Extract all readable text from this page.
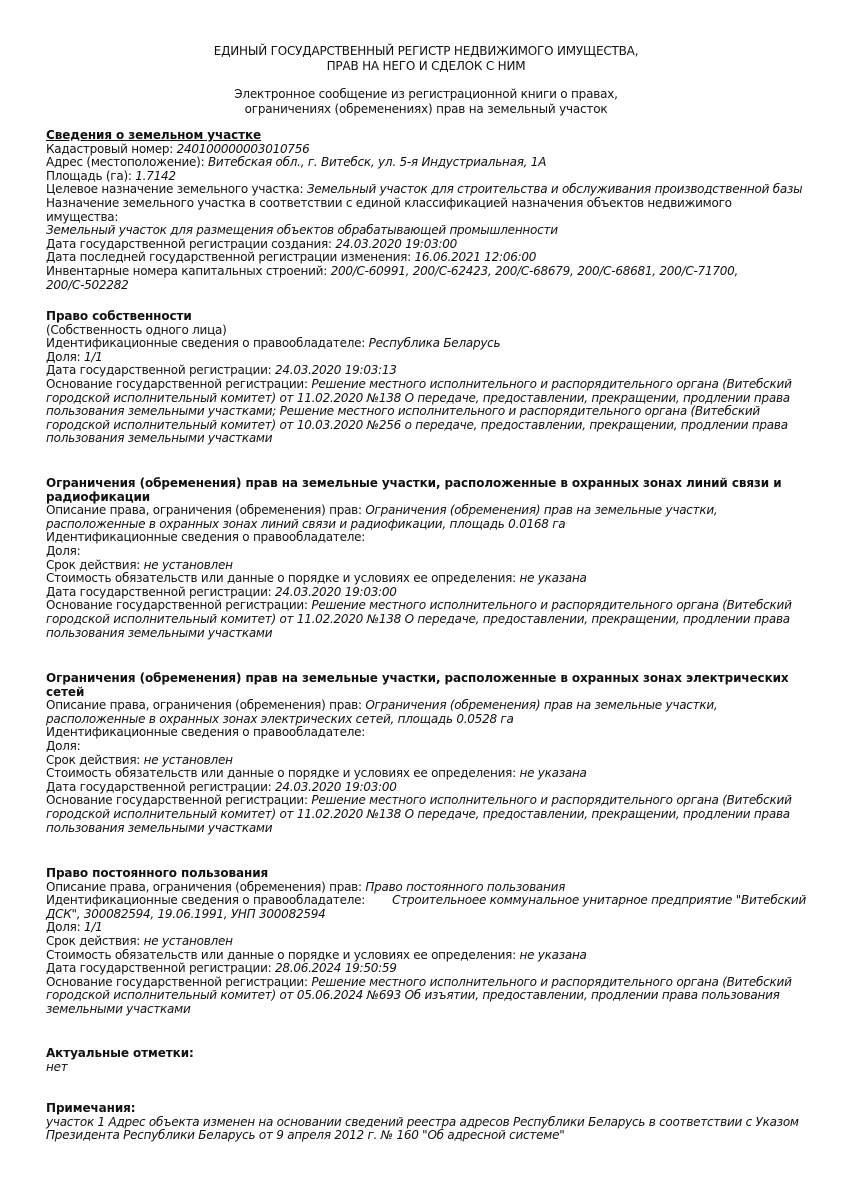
ЕДИНЫЙ ГОСУДАРСТВЕННЫЙ РЕГИСТР НЕДВИЖИМОГО ИМУЩЕСТВА,
ПРАВ НА НЕГО И СДЕЛОК С НИМ
Электронное сообщение из регистрационной книги о правах,
ограничениях (обременениях) прав на земельный участок
Сведения о земельном участке
Кадастровый номер: 240100000003010756
Адрес (местоположение): Витебская обл., г. Витебск, ул. 5-я Индустриальная, 1А
Площадь (га): 1.7142
Целевое назначение земельного участка: Земельный участок для строительства и обслуживания производственной базы
Назначение земельного участка в соответствии с единой классификацией назначения объектов недвижимого имущества:
Земельный участок для размещения объектов обрабатывающей промышленности
Дата государственной регистрации создания: 24.03.2020 19:03:00
Дата последней государственной регистрации изменения: 16.06.2021 12:06:00
Инвентарные номера капитальных строений: 200/С-60991, 200/С-62423, 200/С-68679, 200/С-68681, 200/С-71700,
200/С-502282
Право собственности
(Собственность одного лица)
Идентификационные сведения о правообладателе: Республика Беларусь
Доля: 1/1
Дата государственной регистрации: 24.03.2020 19:03:13
Основание государственной регистрации: Решение местного исполнительного и распорядительного органа (Витебский
городской исполнительный комитет) от 11.02.2020 №138 О передаче, предоставлении, прекращении, продлении права
пользования земельными участками; Решение местного исполнительного и распорядительного органа (Витебский
городской исполнительный комитет) от 10.03.2020 №256 о передаче, предоставлении, прекращении, продлении права
пользования земельными участками
Ограничения (обременения) прав на земельные участки, расположенные в охранных зонах линий связи и
радиофикации
Описание права, ограничения (обременения) прав: Ограничения (обременения) прав на земельные участки,
расположенные в охранных зонах линий связи и радиофикации, площадь 0.0168 га
Идентификационные сведения о правообладателе:
Доля:
Срок действия: не установлен
Стоимость обязательств или данные о порядке и условиях ее определения: не указана
Дата государственной регистрации: 24.03.2020 19:03:00
Основание государственной регистрации: Решение местного исполнительного и распорядительного органа (Витебский
городской исполнительный комитет) от 11.02.2020 №138 О передаче, предоставлении, прекращении, продлении права
пользования земельными участками
Ограничения (обременения) прав на земельные участки, расположенные в охранных зонах электрических
сетей
Описание права, ограничения (обременения) прав: Ограничения (обременения) прав на земельные участки,
расположенные в охранных зонах электрических сетей, площадь 0.0528 га
Идентификационные сведения о правообладателе:
Доля:
Срок действия: не установлен
Стоимость обязательств или данные о порядке и условиях ее определения: не указана
Дата государственной регистрации: 24.03.2020 19:03:00
Основание государственной регистрации: Решение местного исполнительного и распорядительного органа (Витебский
городской исполнительный комитет) от 11.02.2020 №138 О передаче, предоставлении, прекращении, продлении права
пользования земельными участками
Право постоянного пользования
Описание права, ограничения (обременения) прав: Право постоянного пользования
Идентификационные сведения о правообладателе: Строительноее коммунальное унитарное предприятие "Витебский
ДСК", 300082594, 19.06.1991, УНП 300082594
Доля: 1/1
Срок действия: не установлен
Стоимость обязательств или данные о порядке и условиях ее определения: не указана
Дата государственной регистрации: 28.06.2024 19:50:59
Основание государственной регистрации: Решение местного исполнительного и распорядительного органа (Витебский
городской исполнительный комитет) от 05.06.2024 №693 Об изъятии, предоставлении, продлении права пользования
земельными участками
Актуальные отметки:
нет
Примечания:
участок 1 Адрес объекта изменен на основании сведений реестра адресов Республики Беларусь в соответствии с Указом
Президента Республики Беларусь от 9 апреля 2012 г. № 160 "Об адресной системе"
